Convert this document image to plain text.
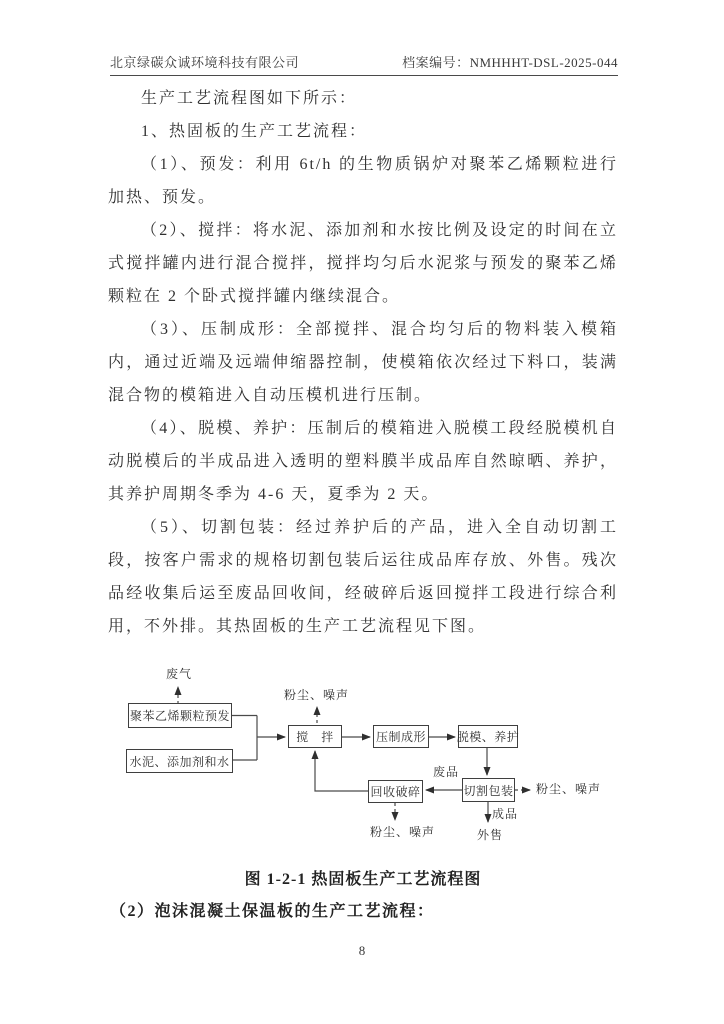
北京绿碳众诚环境科技有限公司	档案编号：NMHHHT-DSL-2025-044

生产工艺流程图如下所示：

1、热固板的生产工艺流程：

（1）、预发：利用 6t/h 的生物质锅炉对聚苯乙烯颗粒进行加热、预发。

（2）、搅拌：将水泥、添加剂和水按比例及设定的时间在立式搅拌罐内进行混合搅拌，搅拌均匀后水泥浆与预发的聚苯乙烯颗粒在 2 个卧式搅拌罐内继续混合。

（3）、压制成形：全部搅拌、混合均匀后的物料装入模箱内，通过近端及远端伸缩器控制，使模箱依次经过下料口，装满混合物的模箱进入自动压模机进行压制。

（4）、脱模、养护：压制后的模箱进入脱模工段经脱模机自动脱模后的半成品进入透明的塑料膜半成品库自然晾晒、养护，其养护周期冬季为 4-6 天，夏季为 2 天。

（5）、切割包装：经过养护后的产品，进入全自动切割工段，按客户需求的规格切割包装后运往成品库存放、外售。残次品经收集后运至废品回收间，经破碎后返回搅拌工段进行综合利用，不外排。其热固板的生产工艺流程见下图。

聚苯乙烯颗粒预发
水泥、添加剂和水
搅　拌	压制成形	脱模、养护
切割包装
回收破碎
废气
粉尘、噪声
废品
粉尘、噪声
成品
外售
粉尘、噪声
图 1-2-1 热固板生产工艺流程图
（2）泡沫混凝土保温板的生产工艺流程：
8
